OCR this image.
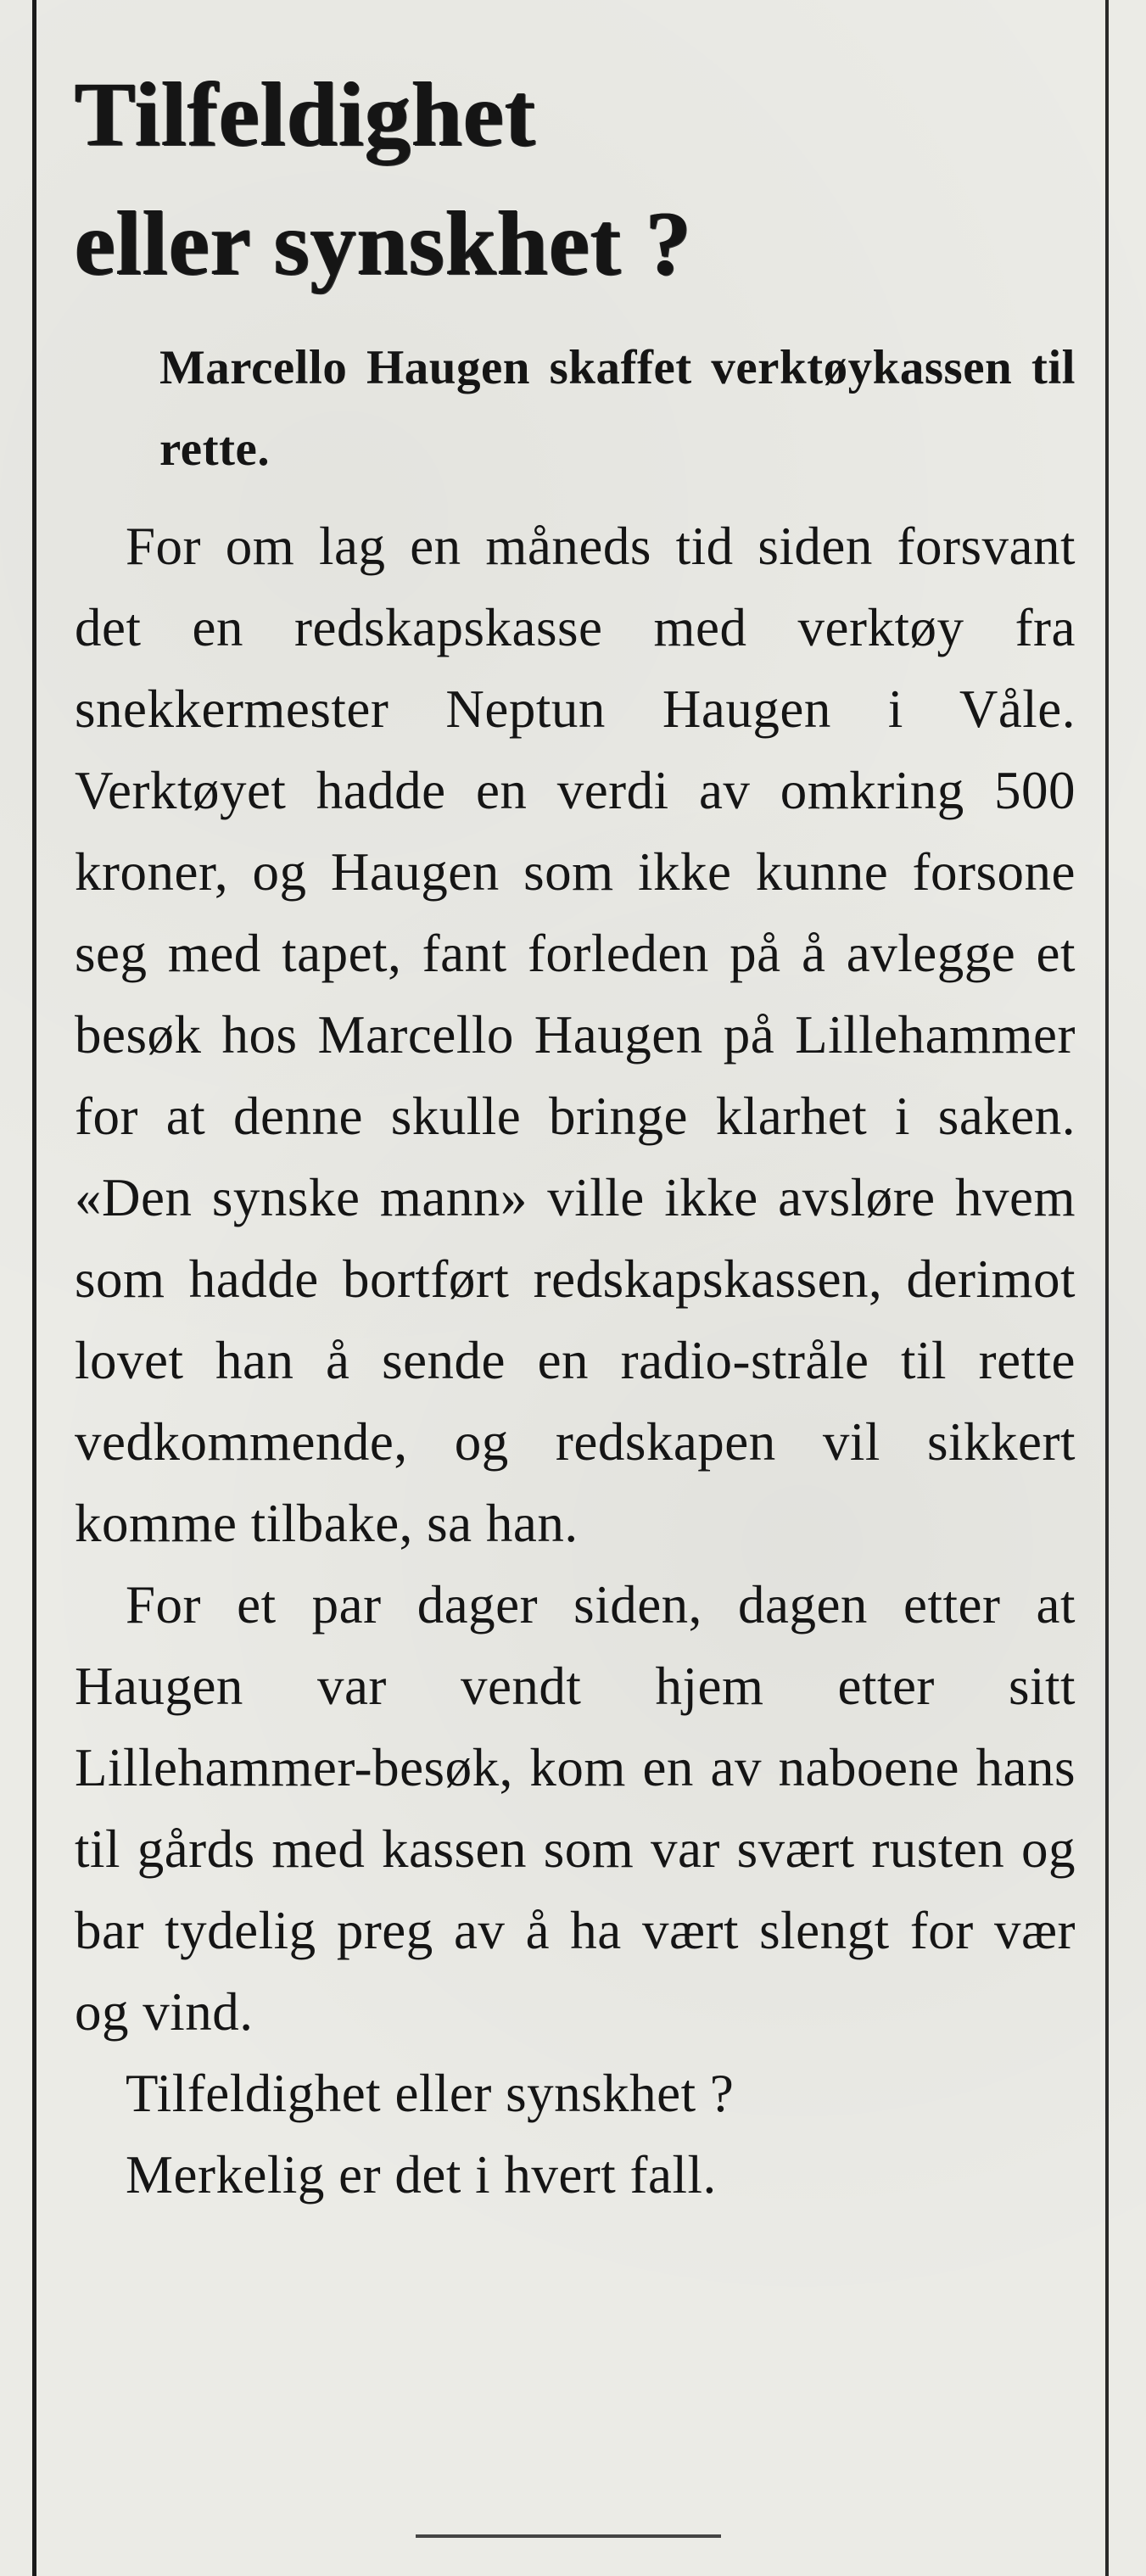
Tilfeldighet
eller synskhet ?

Marcello Haugen skaffet verktøykassen til rette.

For om lag en måneds tid siden forsvant det en redskapskasse med verktøy fra snekkermester Neptun Haugen i Våle. Verktøyet hadde en verdi av omkring 500 kroner, og Haugen som ikke kunne forsone seg med tapet, fant forleden på å avlegge et besøk hos Marcello Haugen på Lillehammer for at denne skulle bringe klarhet i saken. «Den synske mann» ville ikke avsløre hvem som hadde bortført redskapskassen, derimot lovet han å sende en radio-stråle til rette vedkommende, og redskapen vil sikkert komme tilbake, sa han.

For et par dager siden, dagen etter at Haugen var vendt hjem etter sitt Lillehammer-besøk, kom en av naboene hans til gårds med kassen som var svært rusten og bar tydelig preg av å ha vært slengt for vær og vind.

Tilfeldighet eller synskhet ?

Merkelig er det i hvert fall.
